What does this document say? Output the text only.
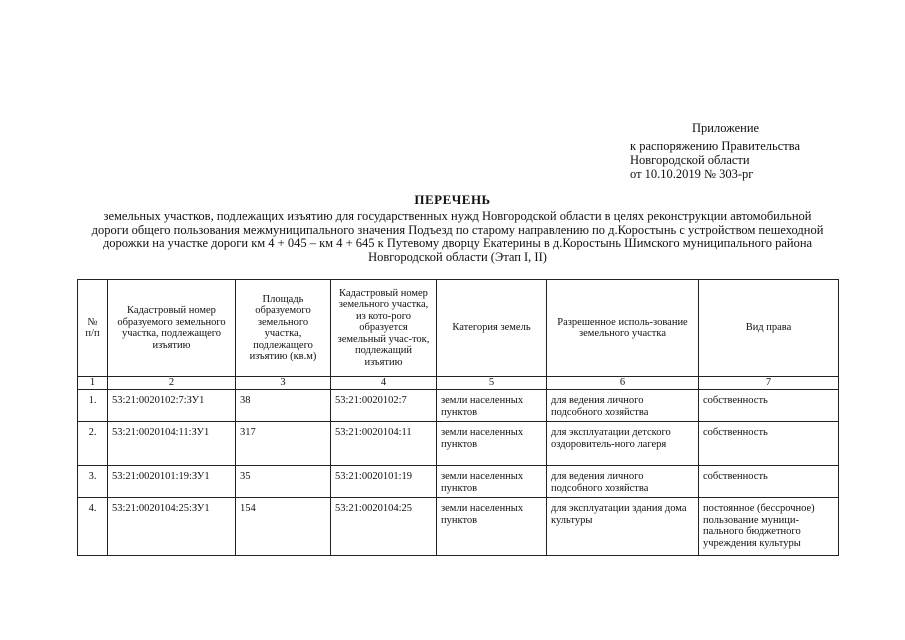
Приложение
к распоряжению Правительства
Новгородской области
от 10.10.2019 № 303-рг
ПЕРЕЧЕНЬ
земельных участков, подлежащих изъятию для государственных нужд Новгородской области в целях реконструкции автомобильной дороги общего пользования межмуниципального значения Подъезд по старому направлению по д.Коростынь с устройством пешеходной дорожки на участке дороги км 4 + 045 – км 4 + 645 к Путевому дворцу Екатерины в д.Коростынь Шимского муниципального района Новгородской области (Этап I, II)
№ п/п	Кадастровый номер образуемого земельного участка, подлежащего изъятию	Площадь образуемого земельного участка, подлежащего изъятию (кв.м)	Кадастровый номер земельного участка, из кото-рого образуется земельный учас-ток, подлежащий изъятию	Категория земель	Разрешенное исполь-зование земельного участка	Вид права
1	2	3	4	5	6	7
1.	53:21:0020102:7:ЗУ1	38	53:21:0020102:7	земли населенных пунктов	для ведения личного подсобного хозяйства	собственность
2.	53:21:0020104:11:ЗУ1	317	53:21:0020104:11	земли населенных пунктов	для эксплуатации детского оздоровитель-ного лагеря	собственность
3.	53:21:0020101:19:ЗУ1	35	53:21:0020101:19	земли населенных пунктов	для ведения личного подсобного хозяйства	собственность
4.	53:21:0020104:25:ЗУ1	154	53:21:0020104:25	земли населенных пунктов	для эксплуатации здания дома культуры	постоянное (бессрочное) пользование муници-пального бюджетного учреждения культуры
